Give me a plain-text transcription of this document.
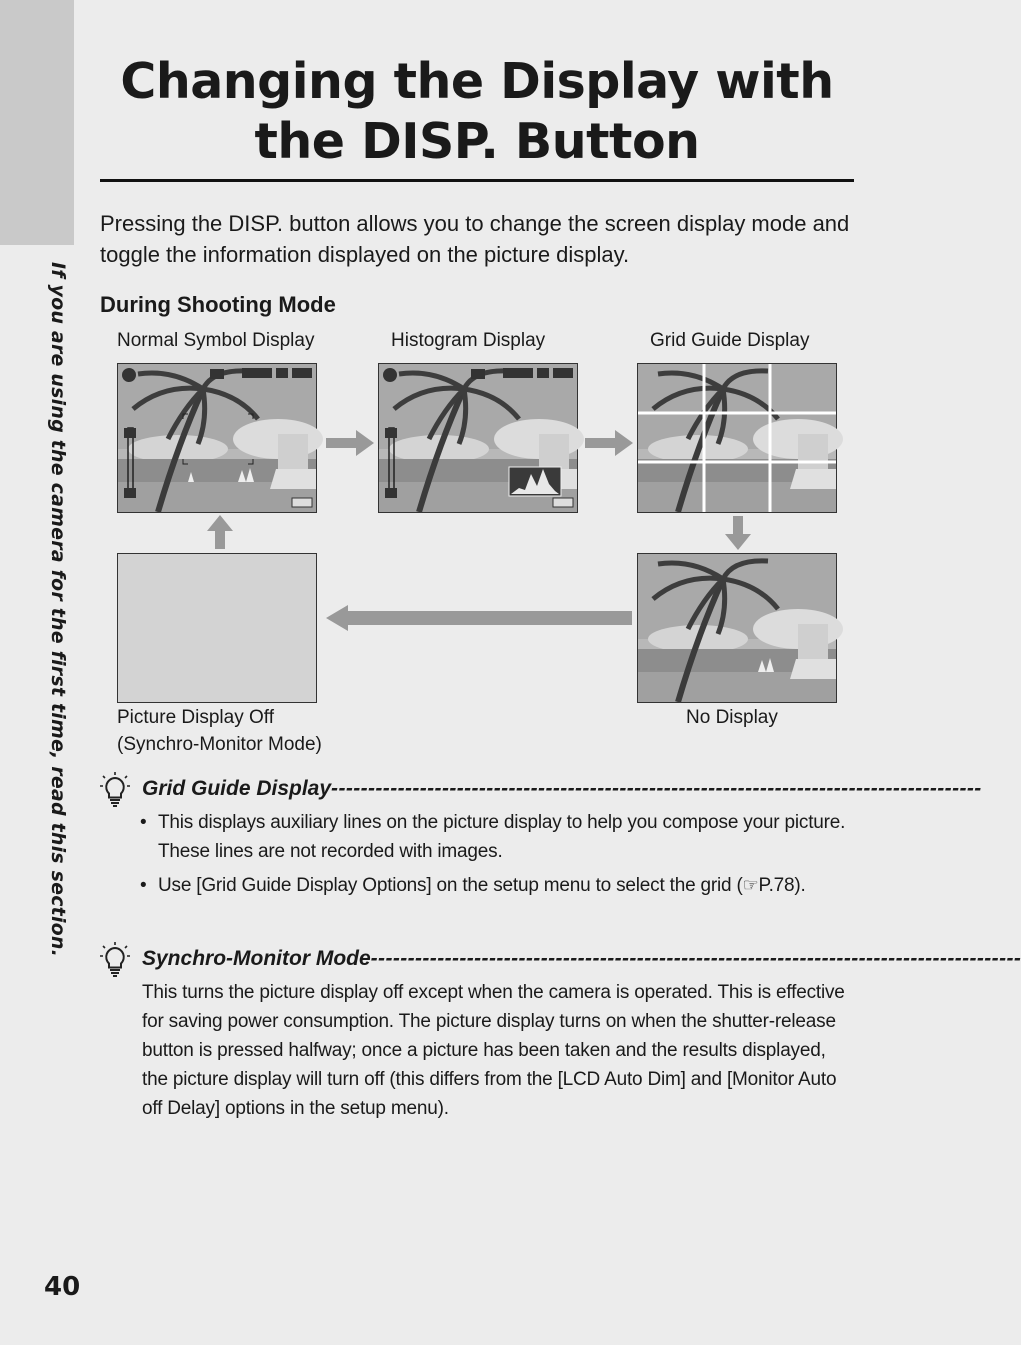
If you are using the camera for the first time, read this section.
Changing the Display with
the DISP. Button

Pressing the DISP. button allows you to change the screen display mode and toggle the information displayed on the picture display.

During Shooting Mode
Normal Symbol Display	Histogram Display	Grid Guide Display
Picture Display Off
(Synchro-Monitor Mode)
No Display
Grid Guide Display----------------------------------------------------------------------------------------
• This displays auxiliary lines on the picture display to help you compose your picture. These lines are not recorded with images.
• Use [Grid Guide Display Options] on the setup menu to select the grid (☞P.78).
Synchro-Monitor Mode----------------------------------------------------------------------------------------

This turns the picture display off except when the camera is operated. This is effective for saving power consumption. The picture display turns on when the shutter-release button is pressed halfway; once a picture has been taken and the results displayed, the picture display will turn off (this differs from the [LCD Auto Dim] and [Monitor Auto off Delay] options in the setup menu).

40
